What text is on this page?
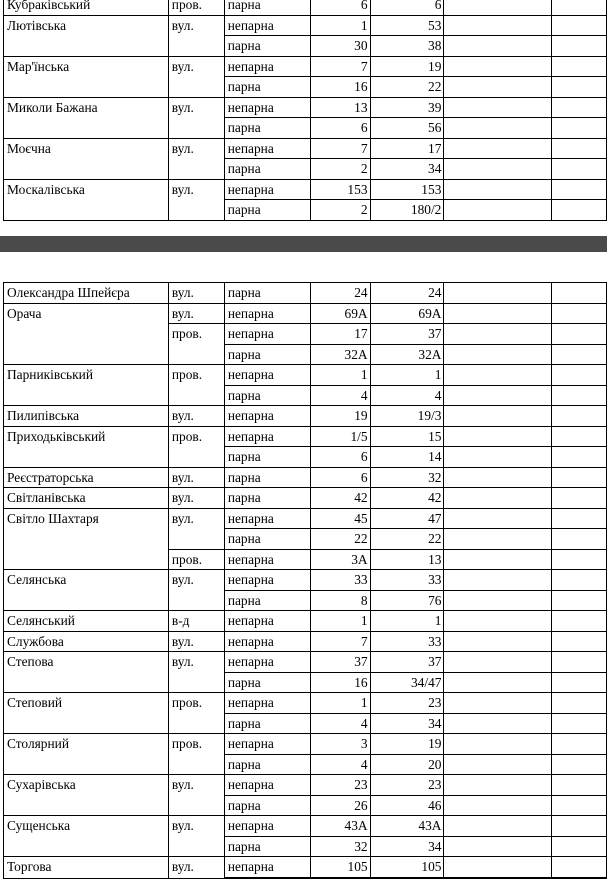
Кубраківський	пров.	парна	6	6		
Лютівська	вул.	непарна	1	53		
		парна	30	38		
Мар'їнська	вул.	непарна	7	19		
		парна	16	22		
Миколи Бажана	вул.	непарна	13	39		
		парна	6	56		
Моєчна	вул.	непарна	7	17		
		парна	2	34		
Москалівська	вул.	непарна	153	153		
		парна	2	180/2		
Олександра Шпейєра	вул.	парна	24	24		
Орача	вул.	непарна	69А	69А		
	пров.	непарна	17	37		
		парна	32А	32А		
Парниківський	пров.	непарна	1	1		
		парна	4	4		
Пилипівська	вул.	непарна	19	19/3		
Приходьківський	пров.	непарна	1/5	15		
		парна	6	14		
Реєстраторська	вул.	парна	6	32		
Світланівська	вул.	парна	42	42		
Світло Шахтаря	вул.	непарна	45	47		
		парна	22	22		
	пров.	непарна	3А	13		
Селянська	вул.	непарна	33	33		
		парна	8	76		
Селянський	в-д	непарна	1	1		
Службова	вул.	непарна	7	33		
Степова	вул.	непарна	37	37		
		парна	16	34/47		
Степовий	пров.	непарна	1	23		
		парна	4	34		
Столярний	пров.	непарна	3	19		
		парна	4	20		
Сухарівська	вул.	непарна	23	23		
		парна	26	46		
Сущенська	вул.	непарна	43А	43А		
		парна	32	34		
Торгова	вул.	непарна	105	105		
